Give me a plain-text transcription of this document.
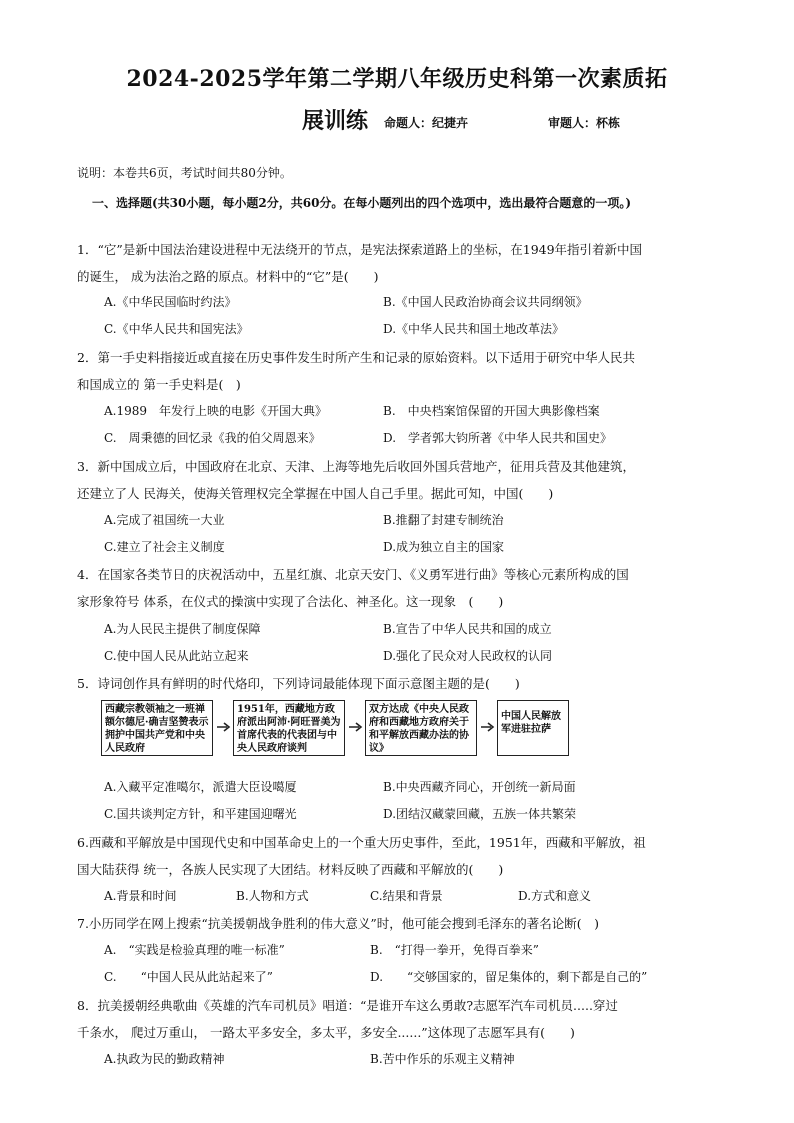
2024-2025学年第二学期八年级历史科第一次素质拓
展训练 命题人：纪捷卉	审题人：杯栋
说明：本卷共6页，考试时间共80分钟。
一、选择题(共30小题，每小题2分，共60分。在每小题列出的四个选项中，选出最符合题意的一项。)
1．“它”是新中国法治建设进程中无法绕开的节点，是宪法探索道路上的坐标，在1949年指引着新中国
的诞生， 成为法治之路的原点。材料中的“它”是(　　)
A.《中华民国临时约法》	B.《中国人民政治协商会议共同纲领》
C.《中华人民共和国宪法》	D.《中华人民共和国土地改革法》
2．第一手史料指接近或直接在历史事件发生时所产生和记录的原始资料。以下适用于研究中华人民共
和国成立的 第一手史料是(　)
A.1989　年发行上映的电影《开国大典》	B.　中央档案馆保留的开国大典影像档案
C.　周秉德的回忆录《我的伯父周恩来》	D.　学者郭大钧所著《中华人民共和国史》
3．新中国成立后，中国政府在北京、天津、上海等地先后收回外国兵营地产，征用兵营及其他建筑，
还建立了人 民海关，使海关管理权完全掌握在中国人自己手里。据此可知，中国(　　)
A.完成了祖国统一大业	B.推翻了封建专制统治
C.建立了社会主义制度	D.成为独立自主的国家
4．在国家各类节日的庆祝活动中，五星红旗、北京天安门、《义勇军进行曲》等核心元素所构成的国
家形象符号 体系，在仪式的操演中实现了合法化、神圣化。这一现象　(　　)
A.为人民民主提供了制度保障	B.宣告了中华人民共和国的成立
C.使中国人民从此站立起来	D.强化了民众对人民政权的认同
5．诗词创作具有鲜明的时代烙印，下列诗词最能体现下面示意图主题的是(　　)
西藏宗教领袖之一班禅额尔德尼·确吉坚赞表示拥护中国共产党和中央人民政府
1951年，西藏地方政府派出阿沛·阿旺晋美为首席代表的代表团与中央人民政府谈判
双方达成《中央人民政府和西藏地方政府关于和平解放西藏办法的协议》
中国人民解放军进驻拉萨
A.入藏平定准噶尔，派遣大臣设噶厦	B.中央西藏齐同心，开创统一新局面
C.国共谈判定方针，和平建国迎曙光	D.团结汉藏蒙回藏，五族一体共繁荣
6.西藏和平解放是中国现代史和中国革命史上的一个重大历史事件，至此，1951年，西藏和平解放，祖
国大陆获得 统一，各族人民实现了大团结。材料反映了西藏和平解放的(　　)
A.背景和时间	B.人物和方式	C.结果和背景	D.方式和意义
7.小历同学在网上搜索“抗美援朝战争胜利的伟大意义”时，他可能会搜到毛泽东的著名论断(　)
A.　“实践是检验真理的唯一标准”	B.　“打得一拳开，免得百拳来”
C.　　“中国人民从此站起来了”	D.　　“交够国家的，留足集体的，剩下都是自己的”
8．抗美援朝经典歌曲《英雄的汽车司机员》唱道：“是谁开车这么勇敢?志愿军汽车司机员.....穿过
千条水， 爬过万重山， 一路太平多安全，多太平，多安全......”这体现了志愿军具有(　　)
A.执政为民的勤政精神	B.苦中作乐的乐观主义精神
